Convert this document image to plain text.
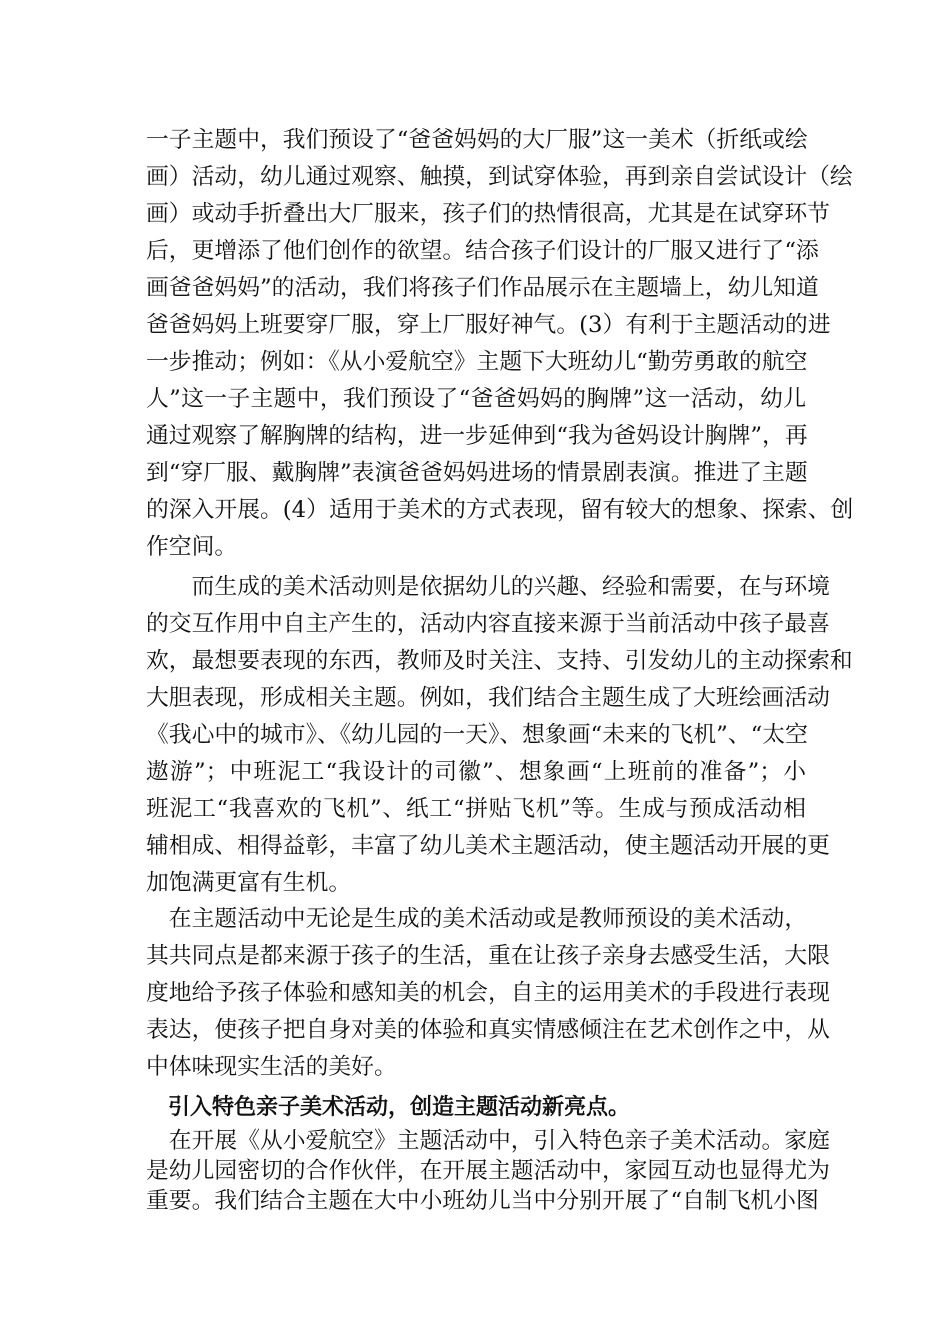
一子主题中，我们预设了“爸爸妈妈的大厂服”这一美术（折纸或绘
画）活动，幼儿通过观察、触摸，到试穿体验，再到亲自尝试设计（绘
画）或动手折叠出大厂服来，孩子们的热情很高，尤其是在试穿环节
后，更增添了他们创作的欲望。结合孩子们设计的厂服又进行了“添
画爸爸妈妈”的活动，我们将孩子们作品展示在主题墙上，幼儿知道
爸爸妈妈上班要穿厂服，穿上厂服好神气。(3）有利于主题活动的进
一步推动；例如：《从小爱航空》主题下大班幼儿“勤劳勇敢的航空
人”这一子主题中，我们预设了“爸爸妈妈的胸牌”这一活动，幼儿
通过观察了解胸牌的结构，进一步延伸到“我为爸妈设计胸牌”，再
到“穿厂服、戴胸牌”表演爸爸妈妈进场的情景剧表演。推进了主题
的深入开展。(4）适用于美术的方式表现，留有较大的想象、探索、创
作空间。
　　而生成的美术活动则是依据幼儿的兴趣、经验和需要，在与环境
的交互作用中自主产生的，活动内容直接来源于当前活动中孩子最喜
欢，最想要表现的东西，教师及时关注、支持、引发幼儿的主动探索和
大胆表现，形成相关主题。例如，我们结合主题生成了大班绘画活动
《我心中的城市》、《幼儿园的一天》、想象画“未来的飞机”、“太空
遨游”；中班泥工“我设计的司徽”、想象画“上班前的准备”；小
班泥工“我喜欢的飞机”、纸工“拼贴飞机”等。生成与预成活动相
辅相成、相得益彰，丰富了幼儿美术主题活动，使主题活动开展的更
加饱满更富有生机。
　在主题活动中无论是生成的美术活动或是教师预设的美术活动，
其共同点是都来源于孩子的生活，重在让孩子亲身去感受生活，大限
度地给予孩子体验和感知美的机会，自主的运用美术的手段进行表现
表达，使孩子把自身对美的体验和真实情感倾注在艺术创作之中，从
中体味现实生活的美好。
　引入特色亲子美术活动，创造主题活动新亮点。
　在开展《从小爱航空》主题活动中，引入特色亲子美术活动。家庭
是幼儿园密切的合作伙伴，在开展主题活动中，家园互动也显得尤为
重要。我们结合主题在大中小班幼儿当中分别开展了“自制飞机小图
